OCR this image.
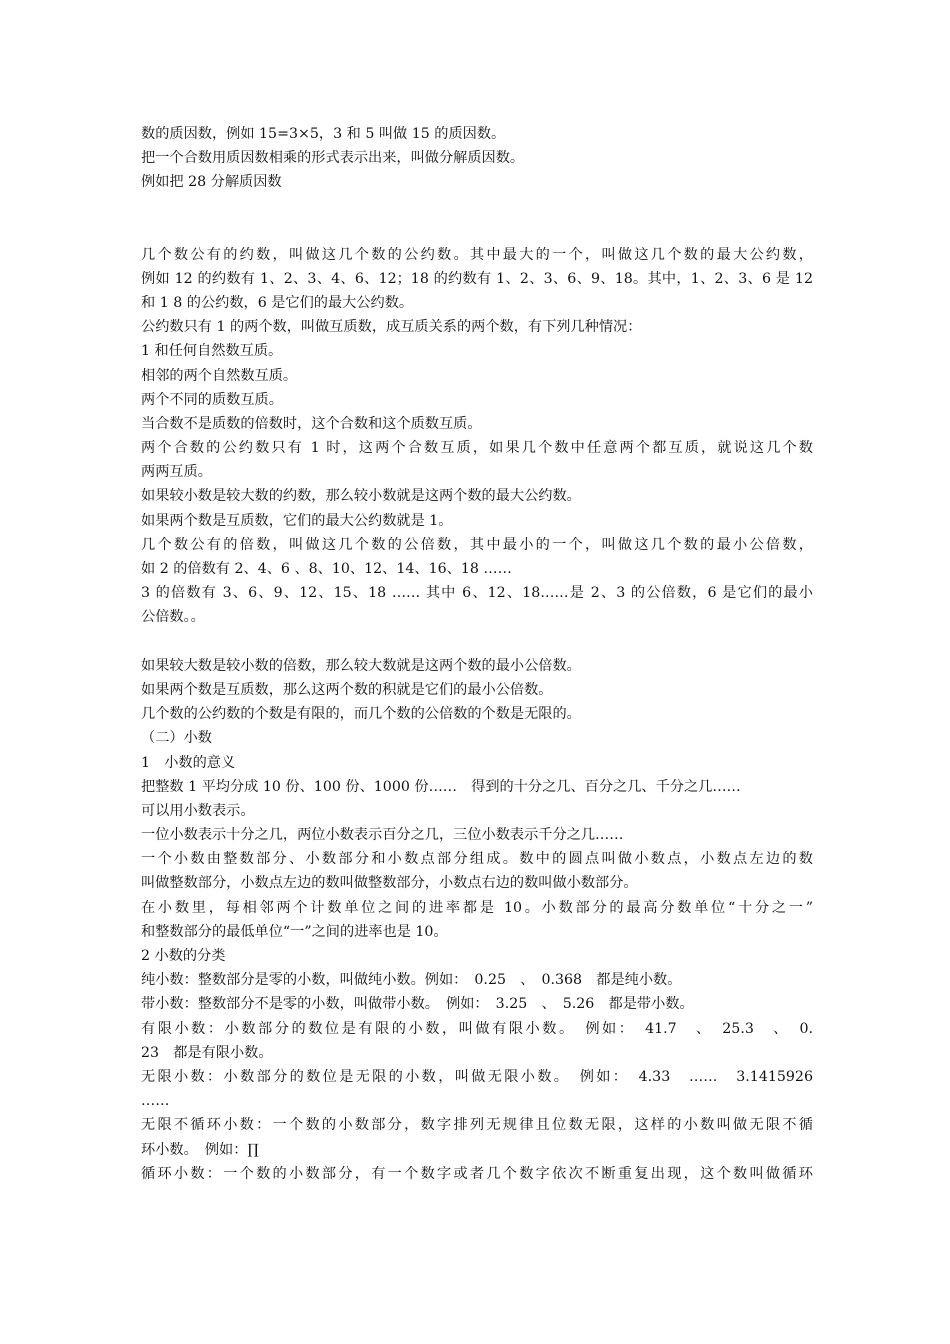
数的质因数，例如 15=3×5，3 和 5 叫做 15 的质因数。

把一个合数用质因数相乘的形式表示出来，叫做分解质因数。

例如把 28 分解质因数

几个数公有的约数，叫做这几个数的公约数。其中最大的一个，叫做这几个数的最大公约数，

例如 12 的约数有 1、2、3、4、6、12；18 的约数有 1、2、3、6、9、18。其中，1、2、3、6 是 12

和 1 8 的公约数，6 是它们的最大公约数。

公约数只有 1 的两个数，叫做互质数，成互质关系的两个数，有下列几种情况：

1 和任何自然数互质。

相邻的两个自然数互质。

两个不同的质数互质。

当合数不是质数的倍数时，这个合数和这个质数互质。

两个合数的公约数只有 1 时，这两个合数互质，如果几个数中任意两个都互质，就说这几个数

两两互质。

如果较小数是较大数的约数，那么较小数就是这两个数的最大公约数。

如果两个数是互质数，它们的最大公约数就是 1。

几个数公有的倍数，叫做这几个数的公倍数，其中最小的一个，叫做这几个数的最小公倍数，

如 2 的倍数有 2、4、6 、8、10、12、14、16、18 ……

3 的倍数有 3、6、9、12、15、18 …… 其中 6、12、18……是 2、3 的公倍数，6 是它们的最小

公倍数。。

如果较大数是较小数的倍数，那么较大数就是这两个数的最小公倍数。

如果两个数是互质数，那么这两个数的积就是它们的最小公倍数。

几个数的公约数的个数是有限的，而几个数的公倍数的个数是无限的。

（二）小数

1　小数的意义

把整数 1 平均分成 10 份、100 份、1000 份……　得到的十分之几、百分之几、千分之几……

可以用小数表示。

一位小数表示十分之几，两位小数表示百分之几，三位小数表示千分之几……

一个小数由整数部分、小数部分和小数点部分组成。数中的圆点叫做小数点，小数点左边的数

叫做整数部分，小数点左边的数叫做整数部分，小数点右边的数叫做小数部分。

在小数里，每相邻两个计数单位之间的进率都是 10。小数部分的最高分数单位“十分之一”

和整数部分的最低单位“一”之间的进率也是 10。

2 小数的分类

纯小数：整数部分是零的小数，叫做纯小数。例如：　0.25　、　0.368　都是纯小数。

带小数：整数部分不是零的小数，叫做带小数。　例如：　3.25　、　5.26　都是带小数。

有限小数：小数部分的数位是有限的小数，叫做有限小数。　例如：　41.7　、　25.3　、　0.

23　都是有限小数。

无限小数：小数部分的数位是无限的小数，叫做无限小数。　例如：　4.33　……　3.1415926

……

无限不循环小数：一个数的小数部分，数字排列无规律且位数无限，这样的小数叫做无限不循

环小数。　例如：∏

循环小数：一个数的小数部分，有一个数字或者几个数字依次不断重复出现，这个数叫做循环
